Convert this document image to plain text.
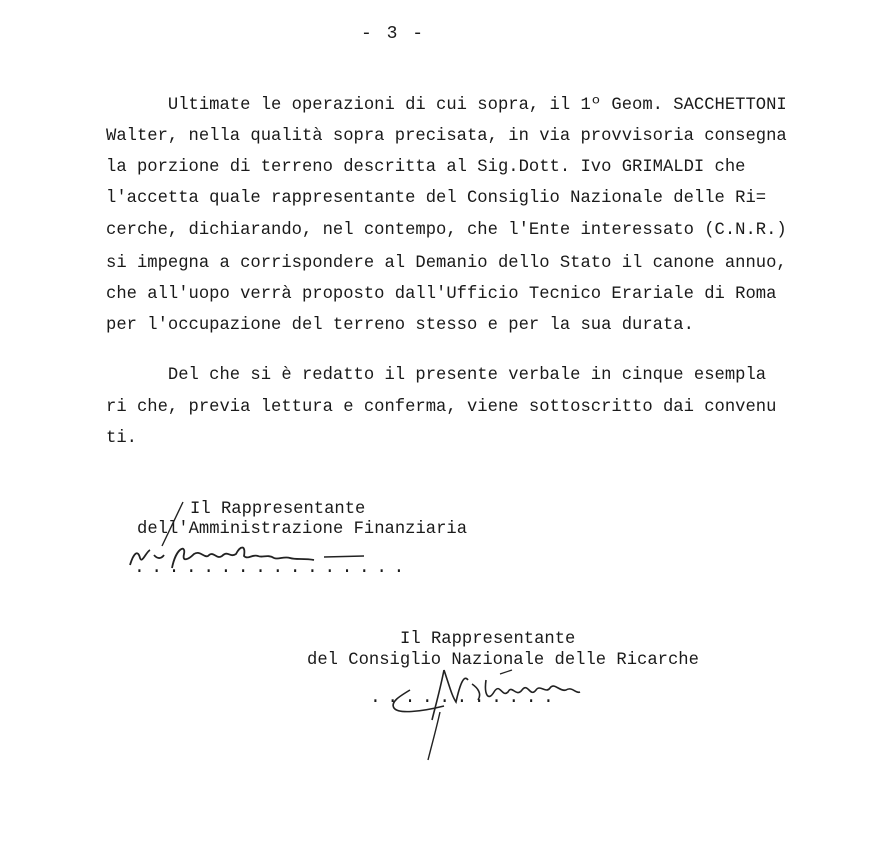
- 3 -
Ultimate le operazioni di cui sopra, il 1º Geom. SACCHETTONI
Walter, nella qualità sopra precisata, in via provvisoria consegna
la porzione di terreno descritta al Sig.Dott. Ivo GRIMALDI che
l'accetta quale rappresentante del Consiglio Nazionale delle Ri=
cerche, dichiarando, nel contempo, che l'Ente interessato (C.N.R.)
si impegna a corrispondere al Demanio dello Stato il canone annuo,
che all'uopo verrà proposto dall'Ufficio Tecnico Erariale di Roma
per l'occupazione del terreno stesso e per la sua durata.
Del che si è redatto il presente verbale in cinque esempla
ri che, previa lettura e conferma, viene sottoscritto dai convenu
ti.
Il Rappresentante
dell'Amministrazione Finanziaria
................
Il Rappresentante
del Consiglio Nazionale delle Ricarche
...........
